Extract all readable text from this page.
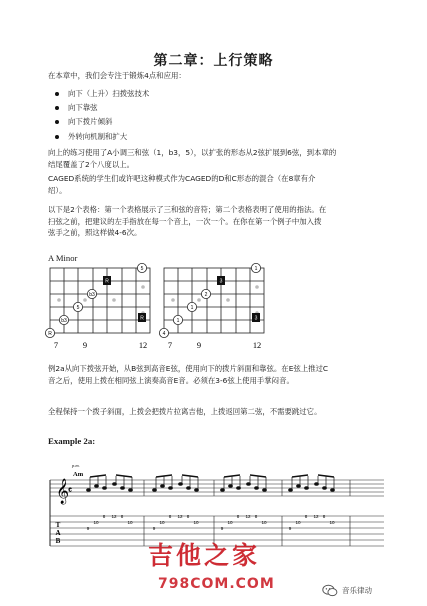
第二章：上行策略
在本章中，我们会专注于锻炼4点和应用：
向下（上升）扫拨弦技术
向下靠弦
向下拨片倾斜
外转向机制和扩大
向上的练习使用了A小调三和弦（1，b3，5），以扩张的形态从2弦扩展到6弦，到本章的
结尾覆盖了2个八度以上。
CAGED系统的学生们或许吧这种模式作为CAGED的D和C形态的混合（在8章有介
绍）。
以下是2个表格：第一个表格展示了三和弦的音符；第二个表格表明了使用的指法。在
扫弦之前，把建议的左手指放在每一个音上，一次一个。在你在第一个例子中加入拨
弦手之前，照这样做4-6次。
A Minor
5
R
b3
5
R
b3
R
7	9	12
1
3
2
1
3
1
4
7	9	12
例2a从向下拨弦开始，从B弦到高音E弦，使用向下的拨片斜面和靠弦。在E弦上推过C
音之后，使用上拨在相同弦上演奏高音E音。必须在3-6弦上使用手掌闷音。
全程保持一个拨子斜面，上拨会把拨片拉离吉他，上拨返回第二弦，不需要跳过它。
Example 2a:
p.m.
Am
𝄞
𝄴
T
A
B
9
10
8 12 8
10
9
10
8 12 8
10
9
10
8 12 8
10
9
10
8 12 8
10
吉他之家
798COM.COM	音乐律动
